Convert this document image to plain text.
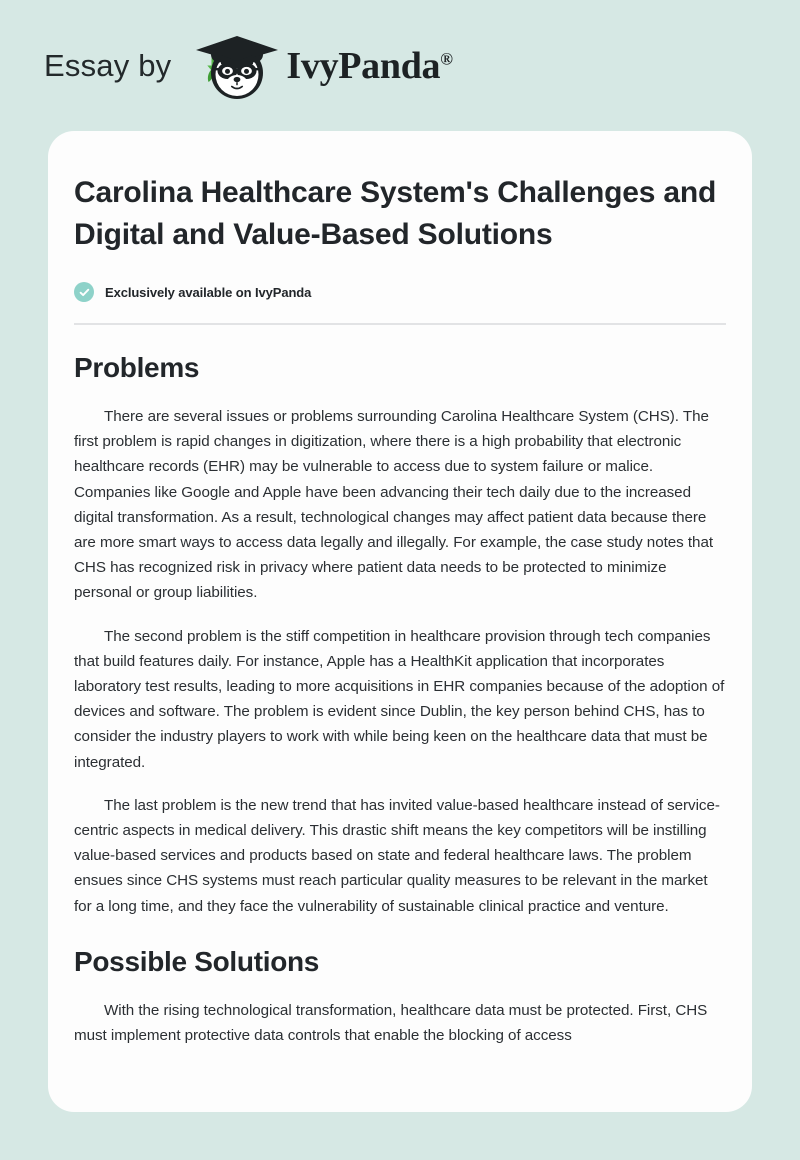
Essay by	IvyPanda®
Carolina Healthcare System's Challenges and Digital and Value-Based Solutions
Exclusively available on IvyPanda
Problems

There are several issues or problems surrounding Carolina Healthcare System (CHS). The first problem is rapid changes in digitization, where there is a high probability that electronic healthcare records (EHR) may be vulnerable to access due to system failure or malice. Companies like Google and Apple have been advancing their tech daily due to the increased digital transformation. As a result, technological changes may affect patient data because there are more smart ways to access data legally and illegally. For example, the case study notes that CHS has recognized risk in privacy where patient data needs to be protected to minimize personal or group liabilities.

The second problem is the stiff competition in healthcare provision through tech companies that build features daily. For instance, Apple has a HealthKit application that incorporates laboratory test results, leading to more acquisitions in EHR companies because of the adoption of devices and software. The problem is evident since Dublin, the key person behind CHS, has to consider the industry players to work with while being keen on the healthcare data that must be integrated.

The last problem is the new trend that has invited value-based healthcare instead of service-centric aspects in medical delivery. This drastic shift means the key competitors will be instilling value-based services and products based on state and federal healthcare laws. The problem ensues since CHS systems must reach particular quality measures to be relevant in the market for a long time, and they face the vulnerability of sustainable clinical practice and venture.

Possible Solutions

With the rising technological transformation, healthcare data must be protected. First, CHS must implement protective data controls that enable the blocking of access
